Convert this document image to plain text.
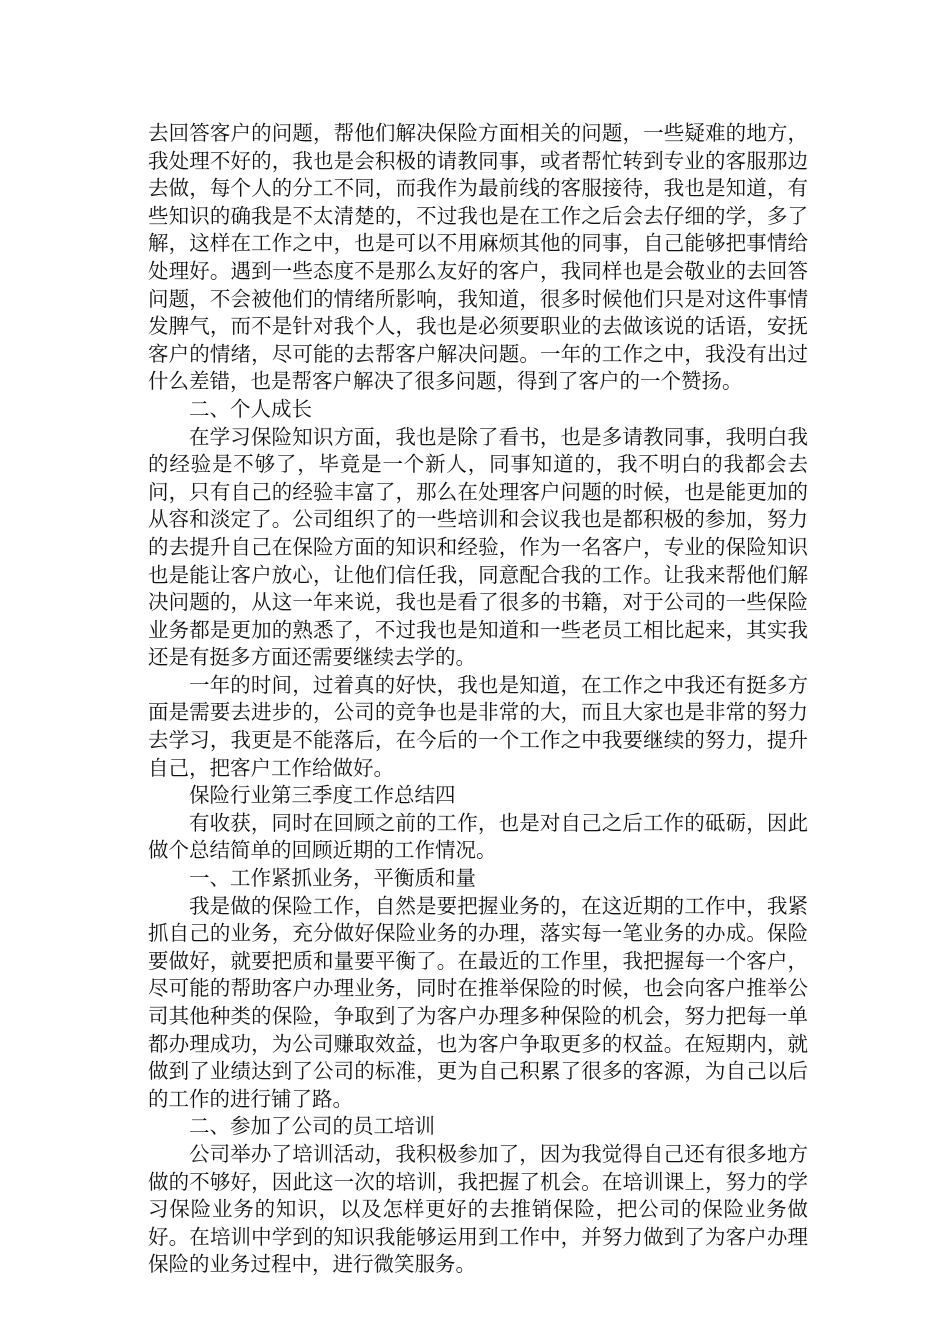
去回答客户的问题，帮他们解决保险方面相关的问题，一些疑难的地方，我处理不好的，我也是会积极的请教同事，或者帮忙转到专业的客服那边去做，每个人的分工不同，而我作为最前线的客服接待，我也是知道，有些知识的确我是不太清楚的，不过我也是在工作之后会去仔细的学，多了解，这样在工作之中，也是可以不用麻烦其他的同事，自己能够把事情给处理好。遇到一些态度不是那么友好的客户，我同样也是会敬业的去回答问题，不会被他们的情绪所影响，我知道，很多时候他们只是对这件事情发脾气，而不是针对我个人，我也是必须要职业的去做该说的话语，安抚客户的情绪，尽可能的去帮客户解决问题。一年的工作之中，我没有出过什么差错，也是帮客户解决了很多问题，得到了客户的一个赞扬。

二、个人成长

在学习保险知识方面，我也是除了看书，也是多请教同事，我明白我的经验是不够了，毕竟是一个新人，同事知道的，我不明白的我都会去问，只有自己的经验丰富了，那么在处理客户问题的时候，也是能更加的从容和淡定了。公司组织了的一些培训和会议我也是都积极的参加，努力的去提升自己在保险方面的知识和经验，作为一名客户，专业的保险知识也是能让客户放心，让他们信任我，同意配合我的工作。让我来帮他们解决问题的，从这一年来说，我也是看了很多的书籍，对于公司的一些保险业务都是更加的熟悉了，不过我也是知道和一些老员工相比起来，其实我还是有挺多方面还需要继续去学的。

一年的时间，过着真的好快，我也是知道，在工作之中我还有挺多方面是需要去进步的，公司的竞争也是非常的大，而且大家也是非常的努力去学习，我更是不能落后，在今后的一个工作之中我要继续的努力，提升自己，把客户工作给做好。

保险行业第三季度工作总结四

有收获，同时在回顾之前的工作，也是对自己之后工作的砥砺，因此做个总结简单的回顾近期的工作情况。

一、工作紧抓业务，平衡质和量

我是做的保险工作，自然是要把握业务的，在这近期的工作中，我紧抓自己的业务，充分做好保险业务的办理，落实每一笔业务的办成。保险要做好，就要把质和量要平衡了。在最近的工作里，我把握每一个客户，尽可能的帮助客户办理业务，同时在推举保险的时候，也会向客户推举公司其他种类的保险，争取到了为客户办理多种保险的机会，努力把每一单都办理成功，为公司赚取效益，也为客户争取更多的权益。在短期内，就做到了业绩达到了公司的标准，更为自己积累了很多的客源，为自己以后的工作的进行铺了路。

二、参加了公司的员工培训

公司举办了培训活动，我积极参加了，因为我觉得自己还有很多地方做的不够好，因此这一次的培训，我把握了机会。在培训课上，努力的学习保险业务的知识，以及怎样更好的去推销保险，把公司的保险业务做好。在培训中学到的知识我能够运用到工作中，并努力做到了为客户办理保险的业务过程中，进行微笑服务。
